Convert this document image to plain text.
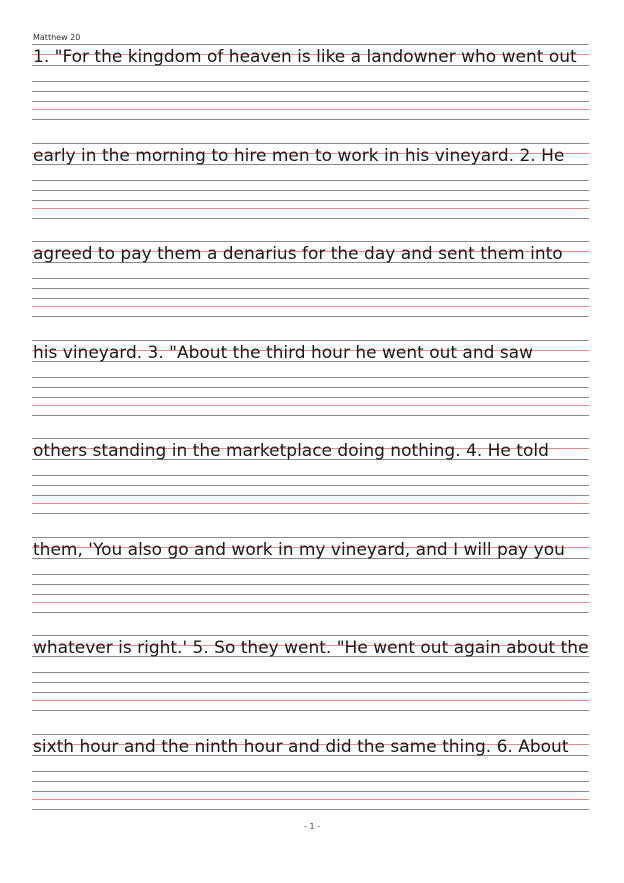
Matthew 20
1. "For the kingdom of heaven is like a landowner who went out
early in the morning to hire men to work in his vineyard. 2. He
agreed to pay them a denarius for the day and sent them into
his vineyard. 3. "About the third hour he went out and saw
others standing in the marketplace doing nothing. 4. He told
them, 'You also go and work in my vineyard, and I will pay you
whatever is right.' 5. So they went. "He went out again about the
sixth hour and the ninth hour and did the same thing. 6. About
- 1 -
